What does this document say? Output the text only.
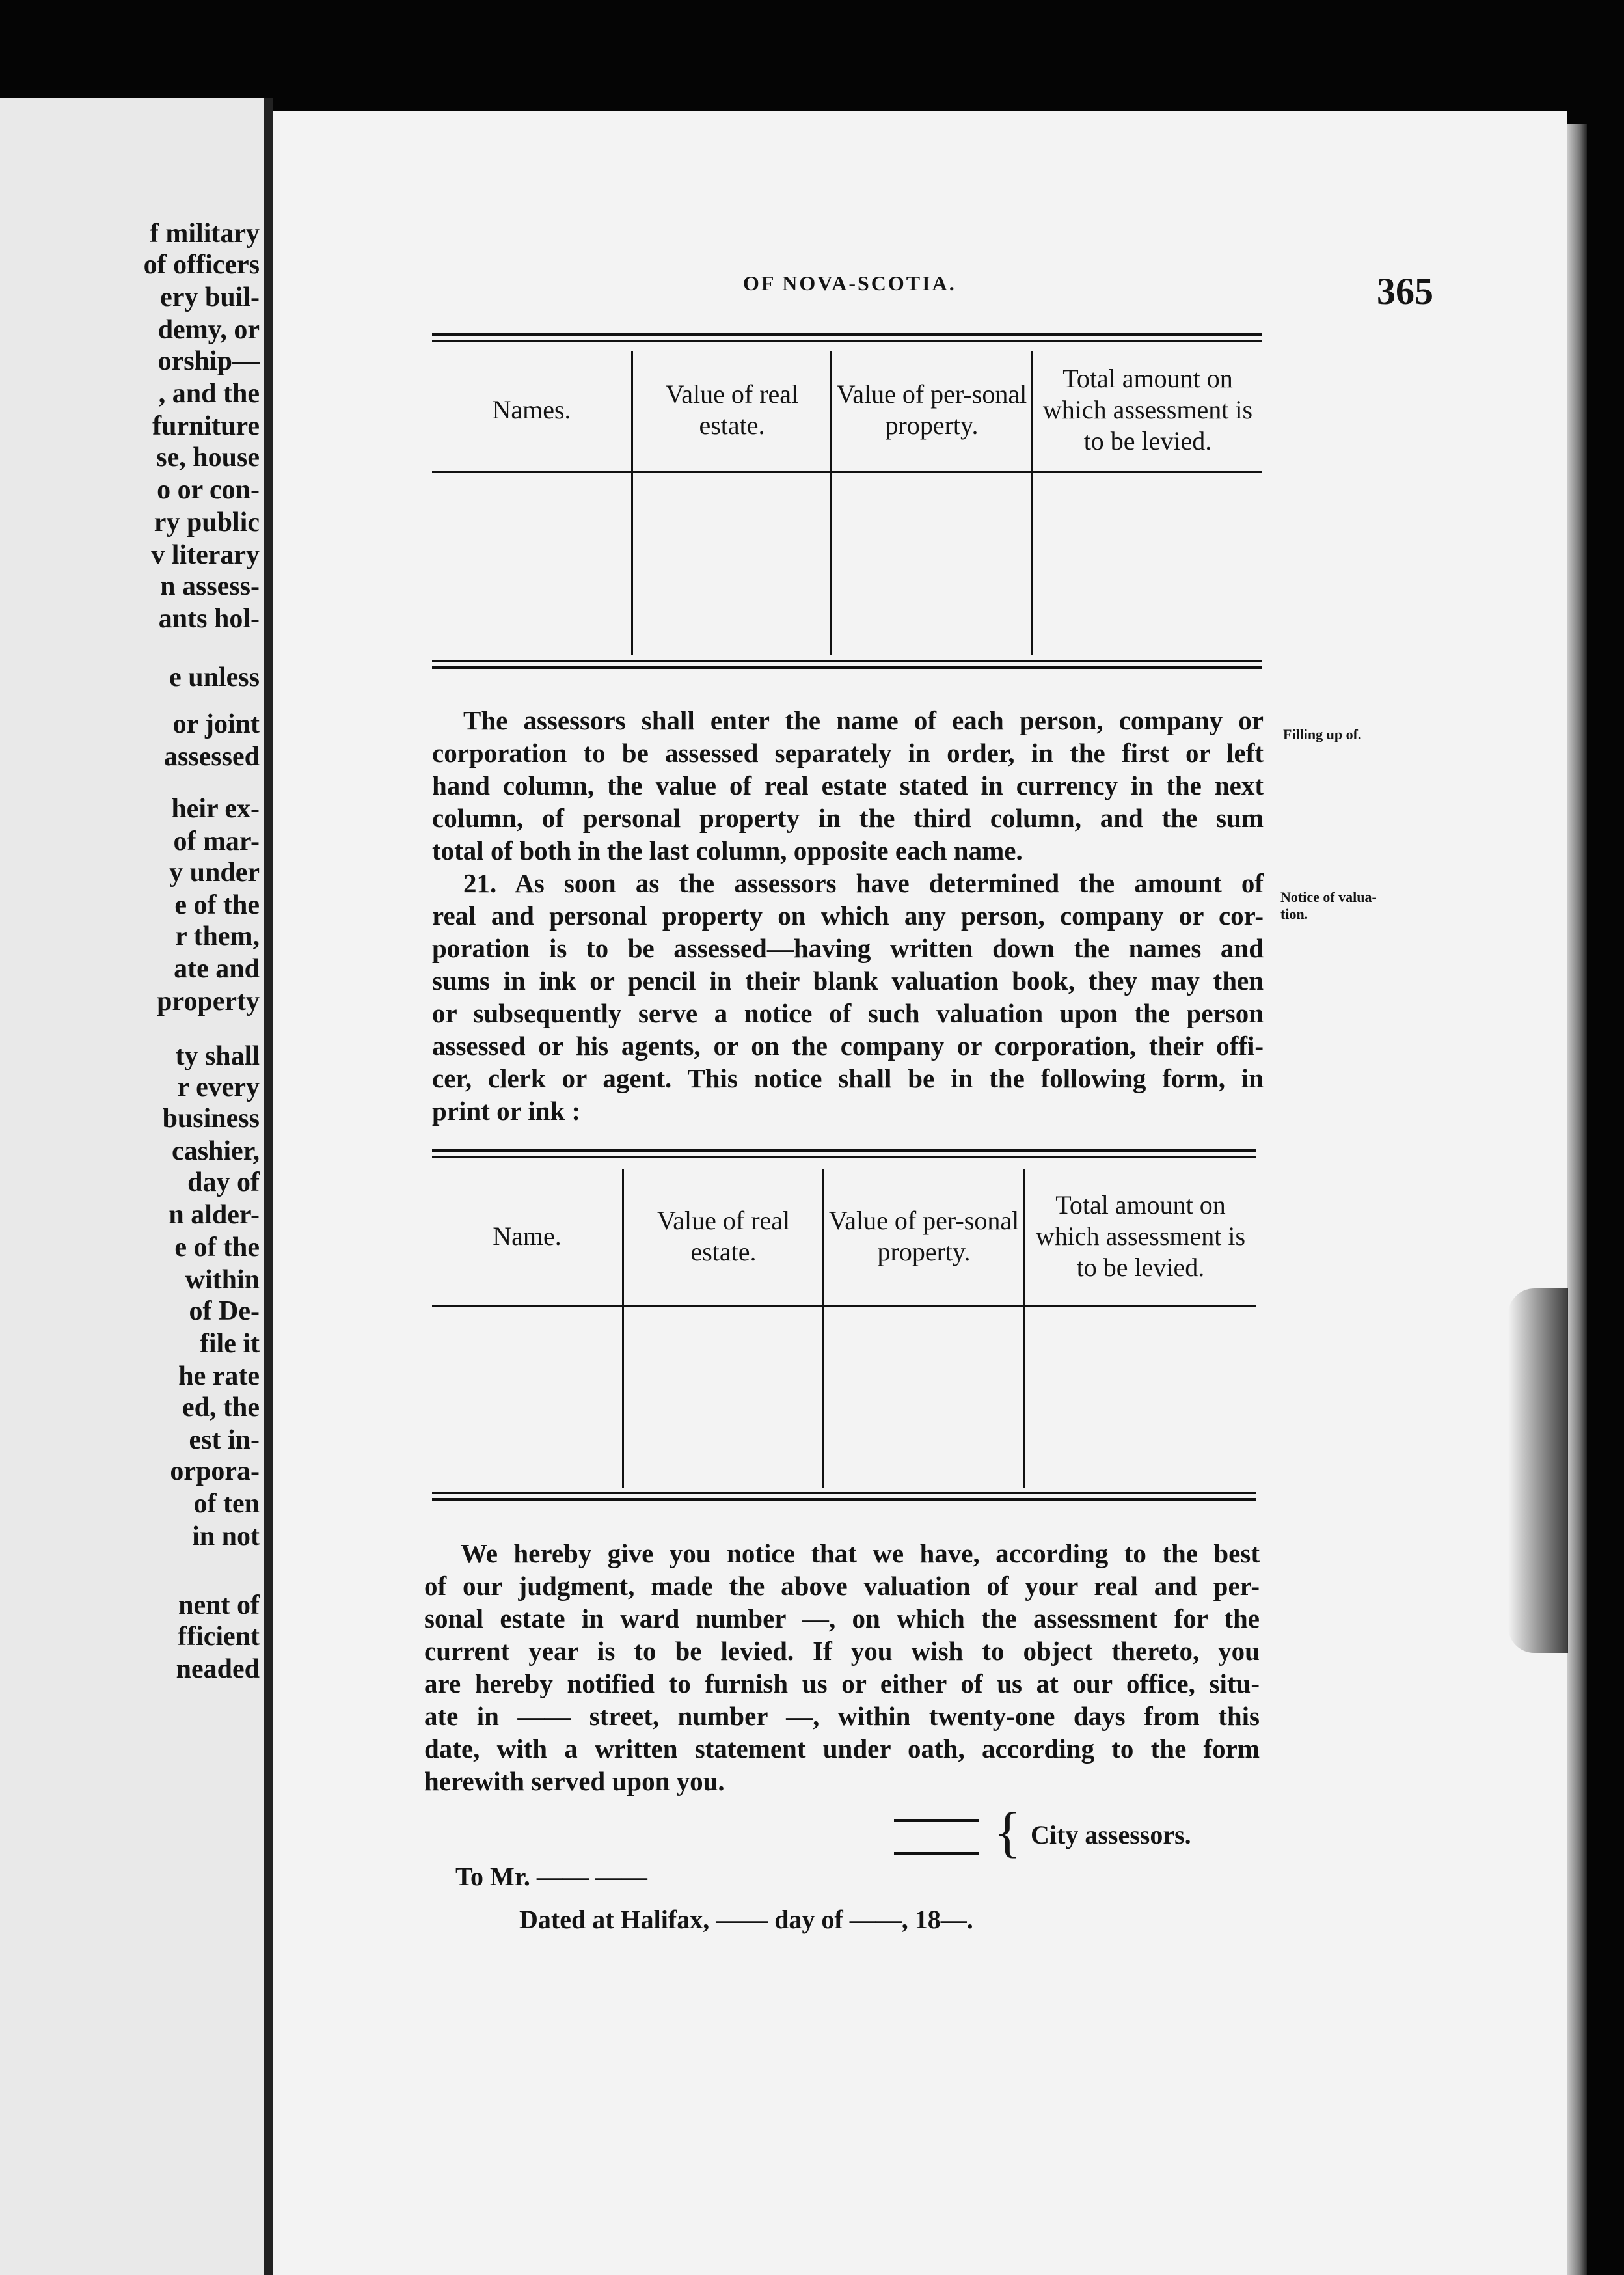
f military
of officers
ery buil-
demy, or
orship—
, and the
furniture
se, house
o or con-
ry public
v literary
n assess-
ants hol-
e unless
or joint
assessed
heir ex-
of mar-
y under
e of the
r them,
ate and
property
ty shall
r every
business
cashier,
day of
n alder-
e of the
within
of De-
file it
he rate
ed, the
est in-
orpora-
of ten
in not
nent of
fficient
neaded
OF NOVA-SCOTIA.	365
Names.
Value of real estate.
Value of per-sonal property.
Total amount on which assessment is to be levied.
The assessors shall enter the name of each person, company or
corporation to be assessed separately in order, in the first or left
hand column, the value of real estate stated in currency in the next
column, of personal property in the third column, and the sum
total of both in the last column, opposite each name.
Filling up of.
21. As soon as the assessors have determined the amount of
real and personal property on which any person, company or cor-
poration is to be assessed—having written down the names and
sums in ink or pencil in their blank valuation book, they may then
or subsequently serve a notice of such valuation upon the person
assessed or his agents, or on the company or corporation, their offi-
cer, clerk or agent. This notice shall be in the following form, in
print or ink :
Notice of valua-
tion.
Name.
Value of real estate.
Value of per-sonal property.
Total amount on which assessment is to be levied.
We hereby give you notice that we have, according to the best
of our judgment, made the above valuation of your real and per-
sonal estate in ward number —, on which the assessment for the
current year is to be levied. If you wish to object thereto, you
are hereby notified to furnish us or either of us at our office, situ-
ate in —— street, number —, within twenty-one days from this
date, with a written statement under oath, according to the form
herewith served upon you.
{ City assessors.
To Mr. —— ——
Dated at Halifax, —— day of ——, 18—.
